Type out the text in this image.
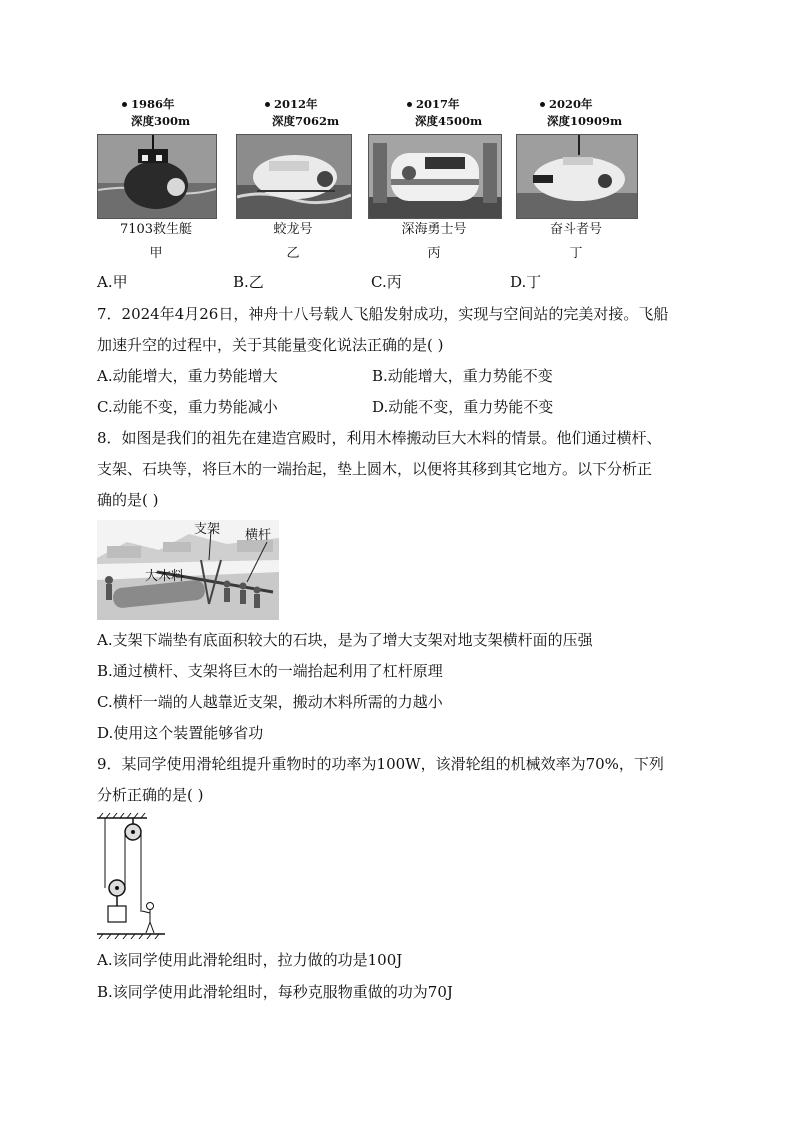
1986年
深度300m
7103救生艇
甲
2012年
深度7062m
蛟龙号
乙
2017年
深度4500m
深海勇士号
丙
2020年
深度10909m
奋斗者号
丁
A.甲	B.乙	C.丙	D.丁
7．2024年4月26日，神舟十八号载人飞船发射成功，实现与空间站的完美对接。飞船
加速升空的过程中，关于其能量变化说法正确的是( )
A.动能增大，重力势能增大	B.动能增大，重力势能不变
C.动能不变，重力势能减小	D.动能不变，重力势能不变
8．如图是我们的祖先在建造宫殿时，利用木棒搬动巨大木料的情景。他们通过横杆、
支架、石块等，将巨木的一端抬起，垫上圆木，以便将其移到其它地方。以下分析正
确的是( )
支架 横杆
大木料
A.支架下端垫有底面积较大的石块，是为了增大支架对地支架横杆面的压强
B.通过横杆、支架将巨木的一端抬起利用了杠杆原理
C.横杆一端的人越靠近支架，搬动木料所需的力越小
D.使用这个装置能够省功
9．某同学使用滑轮组提升重物时的功率为100W，该滑轮组的机械效率为70%，下列
分析正确的是( )
A.该同学使用此滑轮组时，拉力做的功是100J
B.该同学使用此滑轮组时，每秒克服物重做的功为70J
